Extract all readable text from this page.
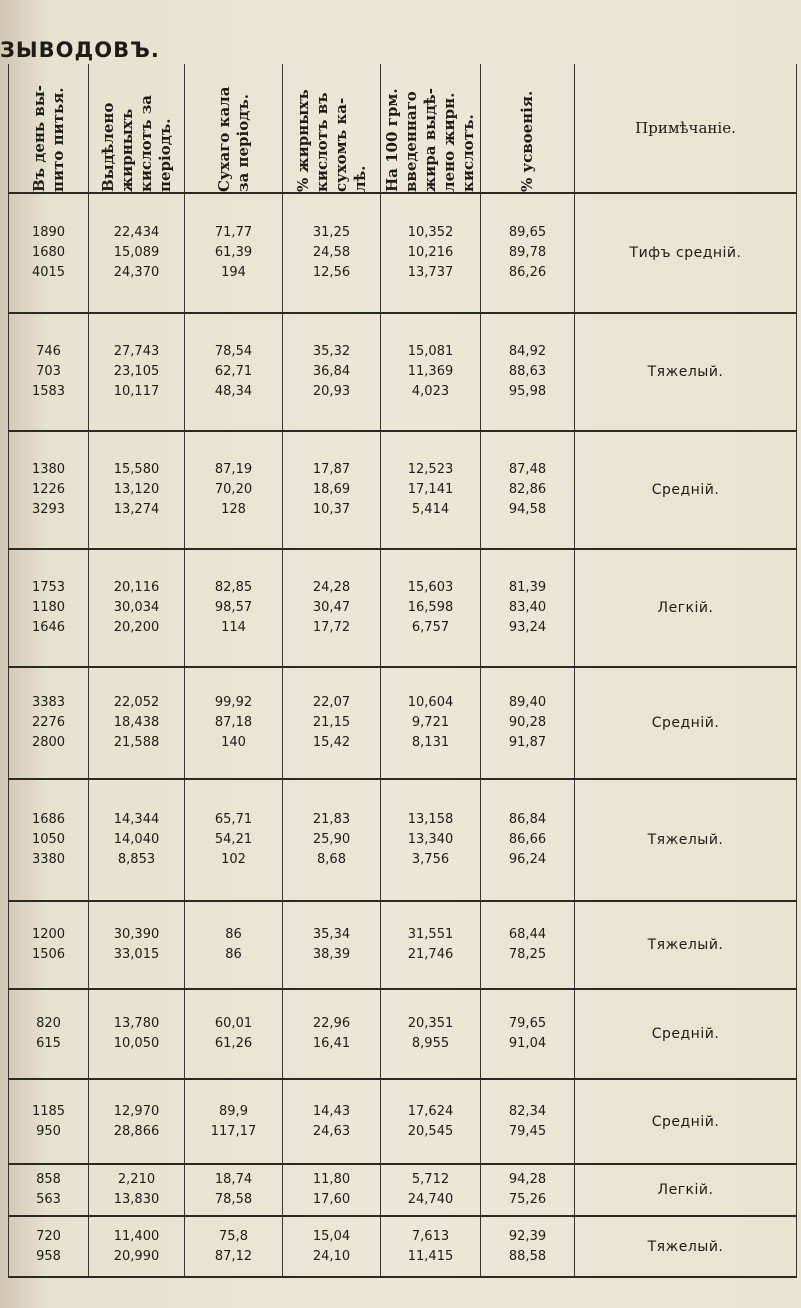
ЗЫВОДОВЪ.
Въ день вы-
пито питья.	Выдѣлено
жирныхъ
кислотъ за
періодъ.	Сухаго кала
за періодъ.	% жирныхъ
кислотъ въ
сухомъ ка-
лѣ.	На 100 грм.
введеннаго
жира выдѣ-
лено жирн.
кислотъ.	% усвоенія.	Примѣчаніе.

1890
1680
4015	22,434
15,089
24,370	71,77
61,39
194	31,25
24,58
12,56	10,352
10,216
13,737	89,65
89,78
86,26	Тифъ средній.

746
703
1583	27,743
23,105
10,117	78,54
62,71
48,34	35,32
36,84
20,93	15,081
11,369
4,023	84,92
88,63
95,98	Тяжелый.

1380
1226
3293	15,580
13,120
13,274	87,19
70,20
128	17,87
18,69
10,37	12,523
17,141
5,414	87,48
82,86
94,58	Средній.

1753
1180
1646	20,116
30,034
20,200	82,85
98,57
114	24,28
30,47
17,72	15,603
16,598
6,757	81,39
83,40
93,24	Легкій.

3383
2276
2800	22,052
18,438
21,588	99,92
87,18
140	22,07
21,15
15,42	10,604
9,721
8,131	89,40
90,28
91,87	Средній.

1686
1050
3380	14,344
14,040
8,853	65,71
54,21
102	21,83
25,90
8,68	13,158
13,340
3,756	86,84
86,66
96,24	Тяжелый.

1200
1506	30,390
33,015	86
86	35,34
38,39	31,551
21,746	68,44
78,25	Тяжелый.

820
615	13,780
10,050	60,01
61,26	22,96
16,41	20,351
8,955	79,65
91,04	Средній.

1185
950	12,970
28,866	89,9
117,17	14,43
24,63	17,624
20,545	82,34
79,45	Средній.

858
563	2,210
13,830	18,74
78,58	11,80
17,60	5,712
24,740	94,28
75,26	Легкій.

720
958	11,400
20,990	75,8
87,12	15,04
24,10	7,613
11,415	92,39
88,58	Тяжелый.
